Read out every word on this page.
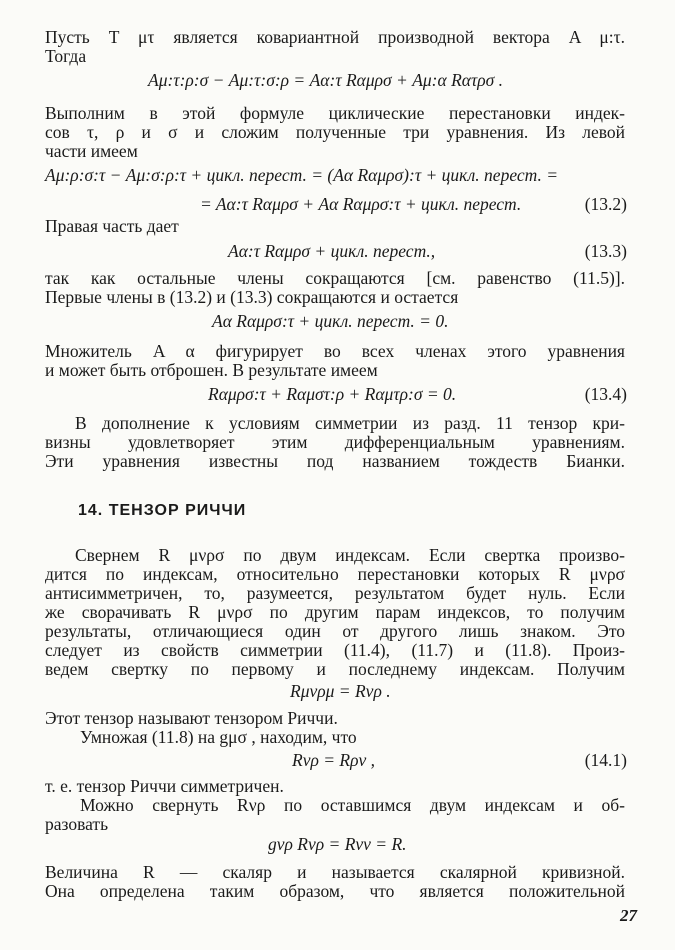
Пусть T μτ является ковариантной производной вектора A μ:τ.
Тогда
Aμ:τ:ρ:σ − Aμ:τ:σ:ρ = Aα:τ Rαμρσ + Aμ:α Rατρσ .
Выполним в этой формуле циклические перестановки индек-
сов τ, ρ и σ и сложим полученные три уравнения. Из левой
части имеем
Aμ:ρ:σ:τ − Aμ:σ:ρ:τ + цикл. перест. = (Aα Rαμρσ):τ + цикл. перест. =
= Aα:τ Rαμρσ + Aα Rαμρσ:τ + цикл. перест.	(13.2)
Правая часть дает
Aα:τ Rαμρσ + цикл. перест.,	(13.3)
так как остальные члены сокращаются [см. равенство (11.5)].
Первые члены в (13.2) и (13.3) сокращаются и остается
Aα Rαμρσ:τ + цикл. перест. = 0.
Множитель A α фигурирует во всех членах этого уравнения
и может быть отброшен. В результате имеем
Rαμρσ:τ + Rαμστ:ρ + Rαμτρ:σ = 0.	(13.4)
В дополнение к условиям симметрии из разд. 11 тензор кри-
визны удовлетворяет этим дифференциальным уравнениям.
Эти уравнения известны под названием тождеств Бианки.
14. ТЕНЗОР РИЧЧИ
Свернем R μνρσ по двум индексам. Если свертка произво-
дится по индексам, относительно перестановки которых R μνρσ
антисимметричен, то, разумеется, результатом будет нуль. Если
же сворачивать R μνρσ по другим парам индексов, то получим
результаты, отличающиеся один от другого лишь знаком. Это
следует из свойств симметрии (11.4), (11.7) и (11.8). Произ-
ведем свертку по первому и последнему индексам. Получим
Rμνρμ = Rνρ .
Этот тензор называют тензором Риччи.
Умножая (11.8) на gμσ , находим, что
Rνρ = Rρν ,	(14.1)
т. е. тензор Риччи симметричен.
Можно свернуть Rνρ по оставшимся двум индексам и об-
разовать
gνρ Rνρ = Rνν = R.
Величина R — скаляр и называется скалярной кривизной.
Она определена таким образом, что является положительной
27
